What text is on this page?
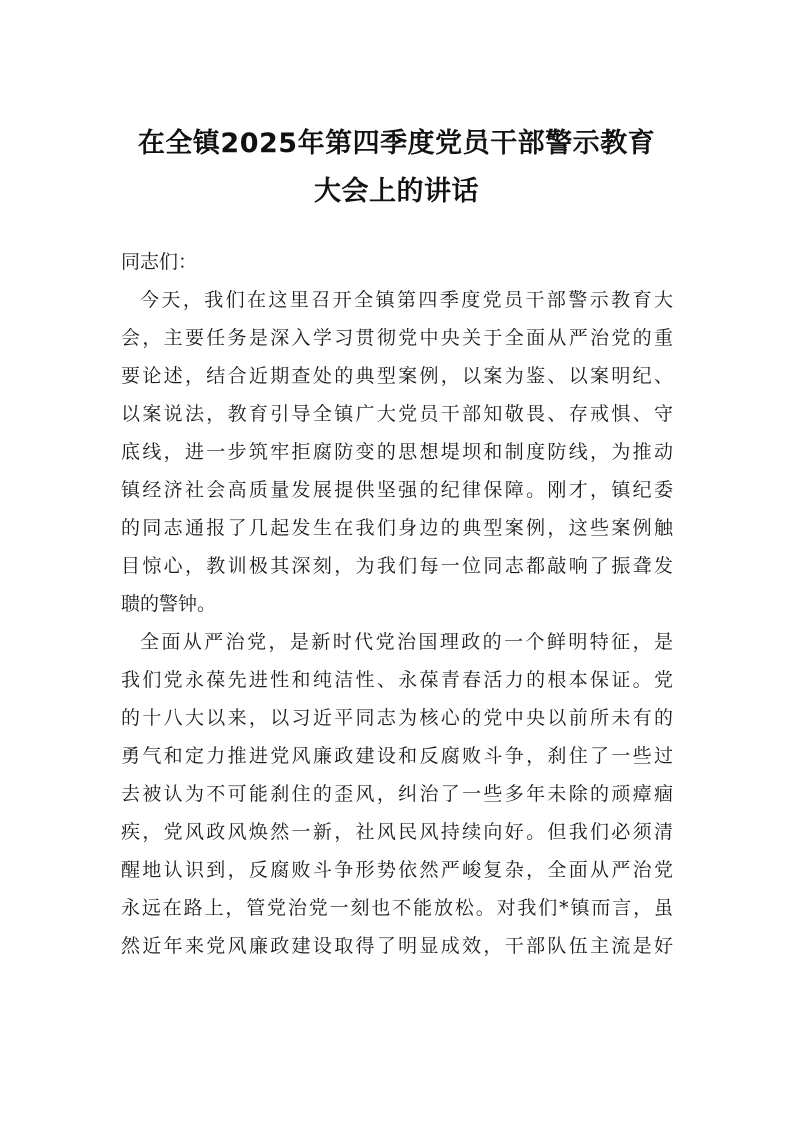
在全镇2025年第四季度党员干部警示教育
大会上的讲话
同志们：
今天，我们在这里召开全镇第四季度党员干部警示教育大
会，主要任务是深入学习贯彻党中央关于全面从严治党的重
要论述，结合近期查处的典型案例，以案为鉴、以案明纪、
以案说法，教育引导全镇广大党员干部知敬畏、存戒惧、守
底线，进一步筑牢拒腐防变的思想堤坝和制度防线，为推动
镇经济社会高质量发展提供坚强的纪律保障。刚才，镇纪委
的同志通报了几起发生在我们身边的典型案例，这些案例触
目惊心，教训极其深刻，为我们每一位同志都敲响了振聋发
聩的警钟。
全面从严治党，是新时代党治国理政的一个鲜明特征，是
我们党永葆先进性和纯洁性、永葆青春活力的根本保证。党
的十八大以来，以习近平同志为核心的党中央以前所未有的
勇气和定力推进党风廉政建设和反腐败斗争，刹住了一些过
去被认为不可能刹住的歪风，纠治了一些多年未除的顽瘴痼
疾，党风政风焕然一新，社风民风持续向好。但我们必须清
醒地认识到，反腐败斗争形势依然严峻复杂，全面从严治党
永远在路上，管党治党一刻也不能放松。对我们*镇而言，虽
然近年来党风廉政建设取得了明显成效，干部队伍主流是好
